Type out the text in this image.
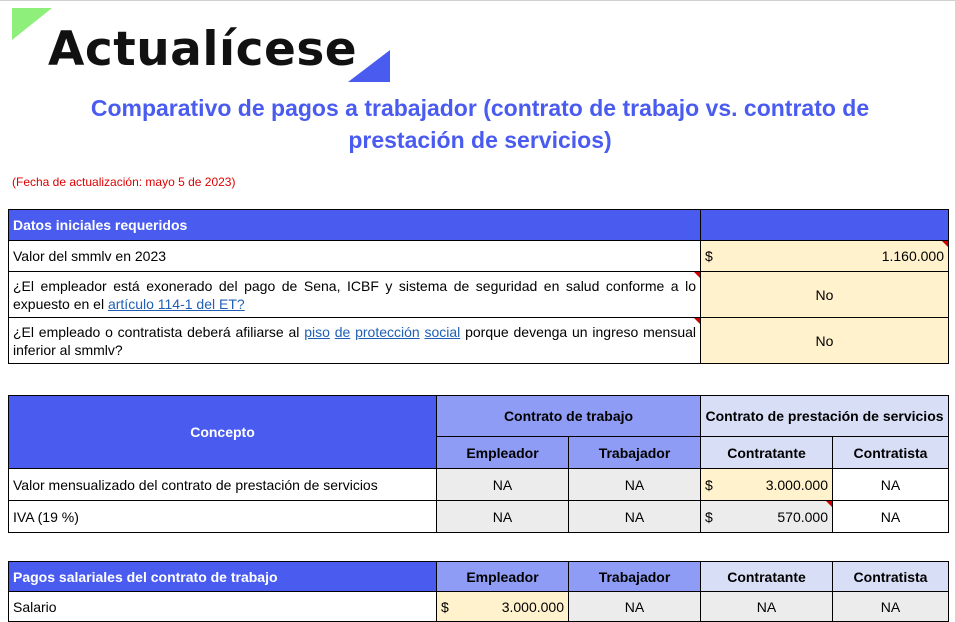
Actualícese
Comparativo de pagos a trabajador (contrato de trabajo vs. contrato de prestación de servicios)
(Fecha de actualización: mayo 5 de 2023)
Datos iniciales requeridos	
Valor del smmlv en 2023	$ 1.160.000

¿El empleador está exonerado del pago de Sena, ICBF y sistema de seguridad en salud conforme a lo expuesto en el artículo 114-1 del ET?	No
¿El empleado o contratista deberá afiliarse al piso de protección social porque devenga un ingreso mensual inferior al smmlv?	No
Concepto	Contrato de trabajo		Contrato de prestación de servicios	
	Empleador	Trabajador	Contratante	Contratista
Valor mensualizado del contrato de prestación de servicios	NA	NA	$ 3.000.000	NA
IVA (19 %)	NA	NA	$ 570.000	NA
Pagos salariales del contrato de trabajo	Empleador	Trabajador	Contratante	Contratista
Salario	$ 3.000.000	NA	NA	NA
